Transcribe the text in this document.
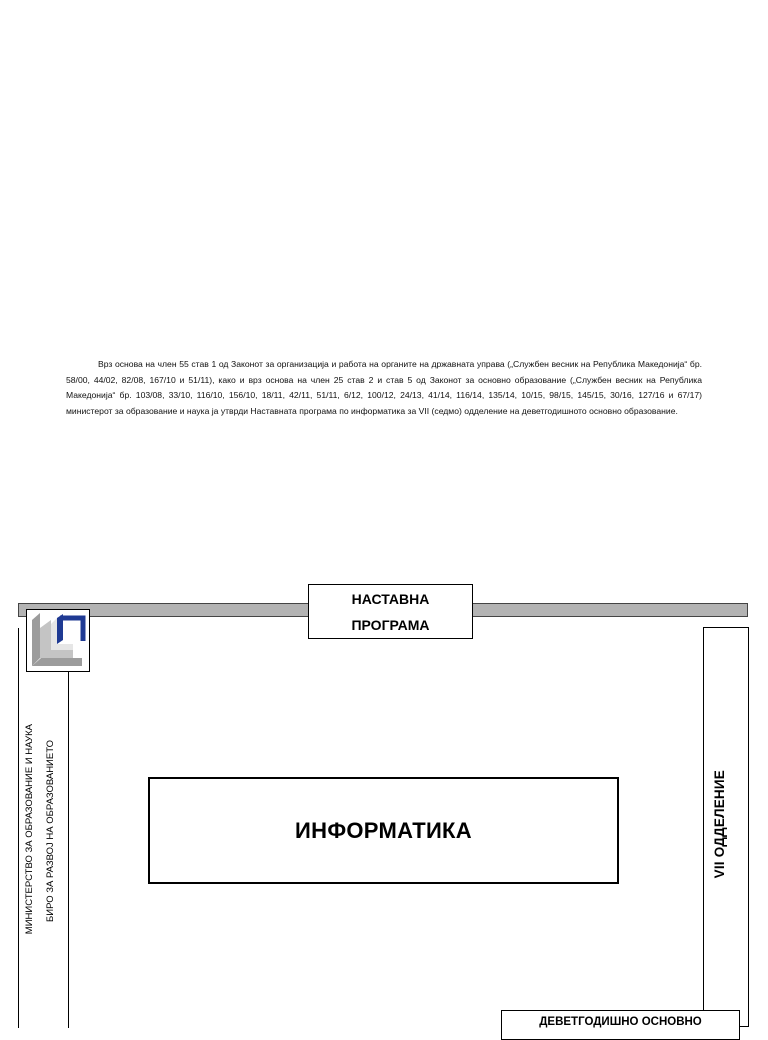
Врз основа на член 55 став 1 од Законот за организација и работа на органите на државната управа („Службен весник на Република Македонија“ бр. 58/00, 44/02, 82/08, 167/10 и 51/11), како и врз основа на член 25 став 2 и став 5 од Законот за основно образование („Службен весник на Република Македонија“ бр. 103/08, 33/10, 116/10, 156/10, 18/11, 42/11, 51/11, 6/12, 100/12, 24/13, 41/14, 116/14, 135/14, 10/15, 98/15, 145/15, 30/16, 127/16 и 67/17) министерот за образование и наука ја утврди Наставната програма по информатика за VII (седмо) одделение на деветгодишното основно образование.

МИНИСТЕРСТВО ЗА ОБРАЗОВАНИЕ И НАУКА БИРО ЗА РАЗВОЈ НА ОБРАЗОВАНИЕТО
НАСТАВНА
ПРОГРАМА
VII ОДДЕЛЕНИЕ
ИНФОРМАТИКА
ДЕВЕТГОДИШНО ОСНОВНО
